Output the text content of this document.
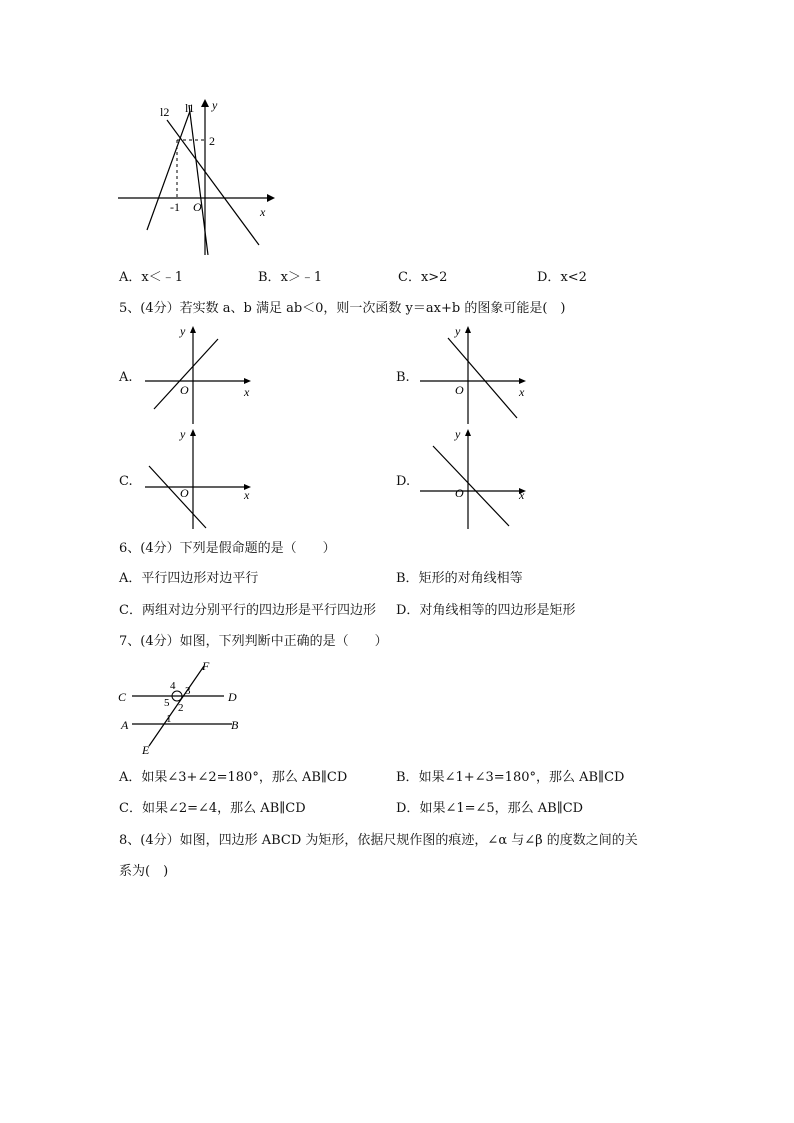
l2 l1 y
x
O
2
-1
A．x＜﹣1	B．x＞﹣1	C．x>2	D．x<2
5、(4分）若实数 a、b 满足 ab＜0，则一次函数 y＝ax+b 的图象可能是(　)
A.
y
x
O
B.
y
x
O
C.
y
x
O
D.
y
x
O
6、(4分）下列是假命题的是（　　）
A．平行四边形对边平行	B．矩形的对角线相等
C．两组对边分别平行的四边形是平行四边形 D．对角线相等的四边形是矩形
7、(4分）如图，下列判断中正确的是（　　）
F
C	D
A	B
E
4 3
5 2
1
A．如果∠3+∠2=180°，那么 AB∥CD	B．如果∠1+∠3=180°，那么 AB∥CD
C．如果∠2=∠4，那么 AB∥CD	D．如果∠1=∠5，那么 AB∥CD
8、(4分）如图，四边形 ABCD 为矩形，依据尺规作图的痕迹，∠α 与∠β 的度数之间的关
系为(　)
